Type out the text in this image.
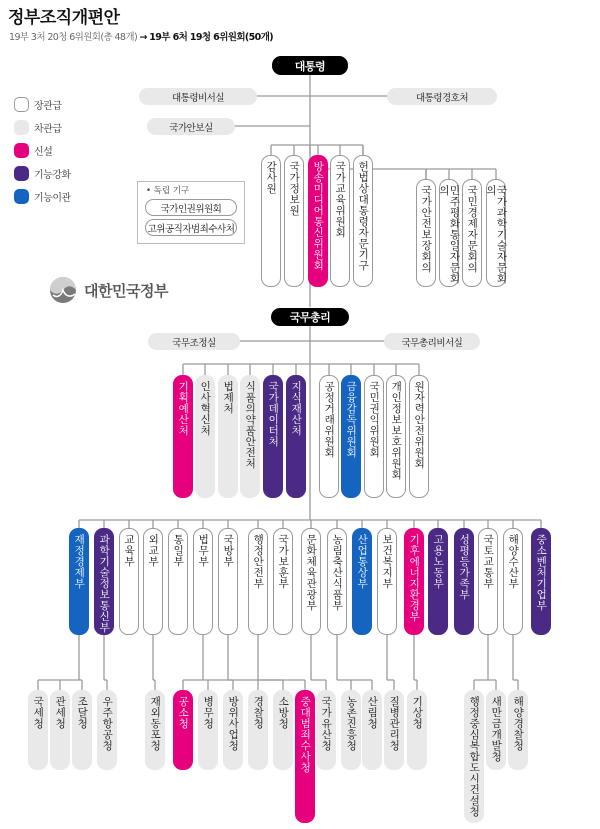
정부조직개편안
19부 3처 20청 6위원회(총 48개) → 19부 6처 19청 6위원회(50개)
장관급
차관급
신설
기능강화
기능이관
• 독립 기구
국가인권위원회
고위공직자범죄수사처
대한민국정부
대통령
대통령비서실
국가안보실
대통령경호처
감사원 국가정보원 방송미디어통신위원회 국가교육위원회 헌법상대통령자문기구	국가안전보장회의	민주평화통일자문회의	국민경제자문회의	국가과학기술자문회의
국무총리
국무조정실	국무총리비서실
기획예산처 인사혁신처 법제처 식품의약품안전처 국가데이터처 지식재산처 공정거래위원회 금융감독위원회 국민권익위원회 개인정보보호위원회 원자력안전위원회
재정경제부 과학기술정보통신부 교육부 외교부 통일부 법무부 국방부 행정안전부 국가보훈부 문화체육관광부 농림축산식품부 산업통상부 보건복지부 기후에너지환경부 고용노동부 성평등가족부 국토교통부 해양수산부 중소벤처기업부
국세청 관세청 조달청 우주항공청	재외동포청 공소청 병무청 방위사업청 경찰청 소방청 중대범죄수사청 국가유산청 농촌진흥청 산림청 질병관리청 기상청	행정중심복합도시건설청 새만금개발청 해양경찰청
